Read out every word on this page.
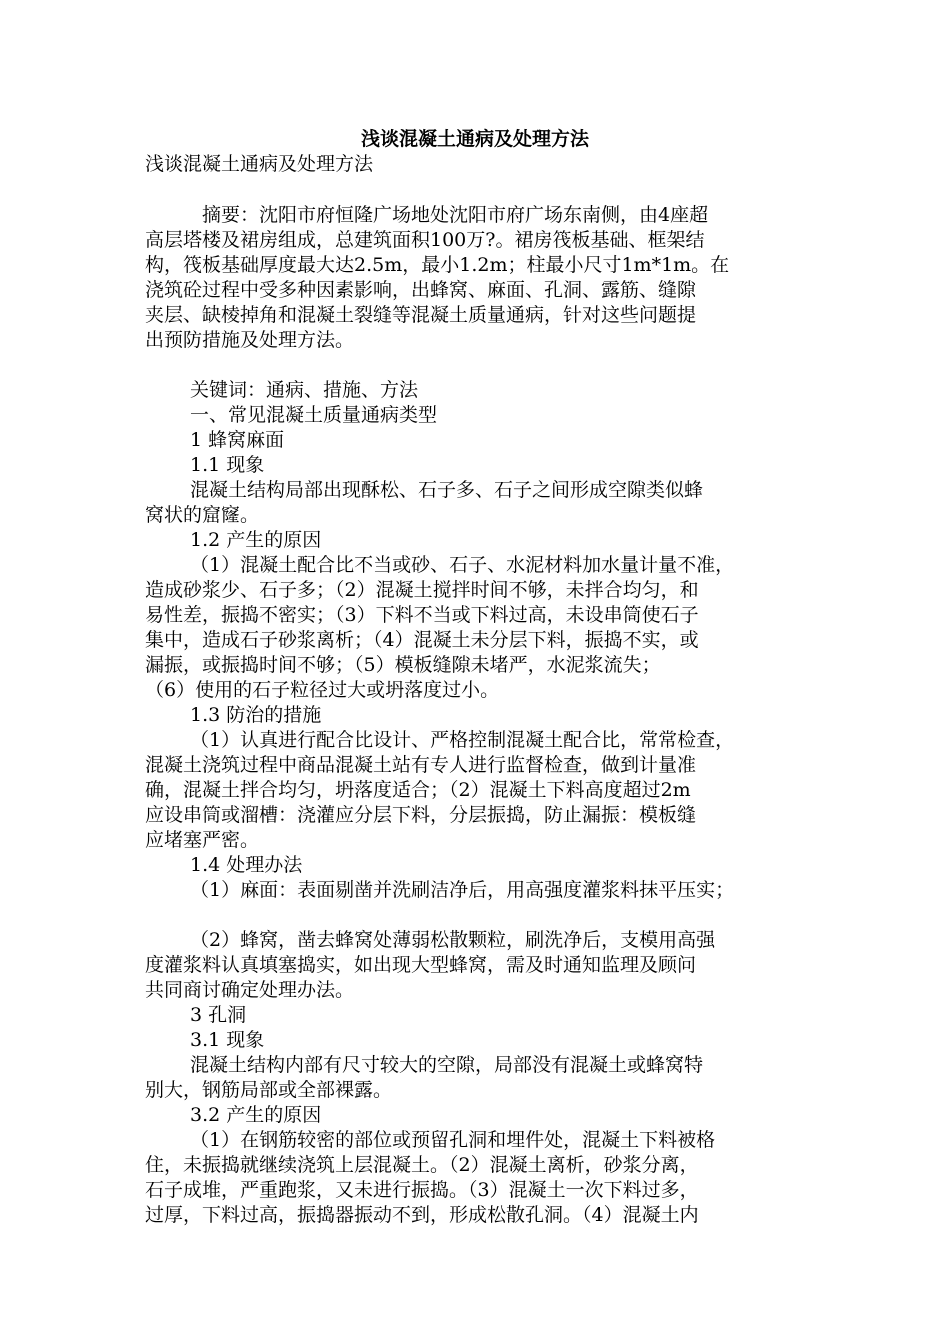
浅谈混凝土通病及处理方法

浅谈混凝土通病及处理方法

摘要：沈阳市府恒隆广场地处沈阳市府广场东南侧，由4座超

高层塔楼及裙房组成，总建筑面积100万?。裙房筏板基础、框架结

构，筏板基础厚度最大达2.5m，最小1.2m；柱最小尺寸1m*1m。在

浇筑砼过程中受多种因素影响，出蜂窝、麻面、孔洞、露筋、缝隙

夹层、缺棱掉角和混凝土裂缝等混凝土质量通病，针对这些问题提

出预防措施及处理方法。

关键词：通病、措施、方法

一、常见混凝土质量通病类型

1 蜂窝麻面

1.1 现象

混凝土结构局部出现酥松、石子多、石子之间形成空隙类似蜂

窝状的窟窿。

1.2 产生的原因

（1）混凝土配合比不当或砂、石子、水泥材料加水量计量不准，

造成砂浆少、石子多；（2）混凝土搅拌时间不够，未拌合均匀，和

易性差，振捣不密实；（3）下料不当或下料过高，未设串筒使石子

集中，造成石子砂浆离析；（4）混凝土未分层下料，振捣不实，或

漏振，或振捣时间不够；（5）模板缝隙未堵严，水泥浆流失；

（6）使用的石子粒径过大或坍落度过小。

1.3 防治的措施

（1）认真进行配合比设计、严格控制混凝土配合比，常常检查，

混凝土浇筑过程中商品混凝土站有专人进行监督检查，做到计量准

确，混凝土拌合均匀，坍落度适合；（2）混凝土下料高度超过2m

应设串筒或溜槽：浇灌应分层下料，分层振捣，防止漏振：模板缝

应堵塞严密。

1.4 处理办法

（1）麻面：表面剔凿并洗刷洁净后，用高强度灌浆料抹平压实；

（2）蜂窝，凿去蜂窝处薄弱松散颗粒，刷洗净后，支模用高强

度灌浆料认真填塞捣实，如出现大型蜂窝，需及时通知监理及顾问

共同商讨确定处理办法。

3 孔洞

3.1 现象

混凝土结构内部有尺寸较大的空隙，局部没有混凝土或蜂窝特

别大，钢筋局部或全部裸露。

3.2 产生的原因

（1）在钢筋较密的部位或预留孔洞和埋件处，混凝土下料被格

住，未振捣就继续浇筑上层混凝土。（2）混凝土离析，砂浆分离，

石子成堆，严重跑浆，又未进行振捣。（3）混凝土一次下料过多，

过厚，下料过高，振捣器振动不到，形成松散孔洞。（4）混凝土内
